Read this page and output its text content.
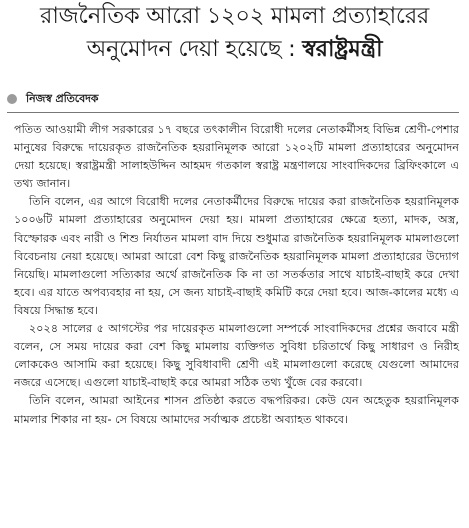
রাজনৈতিক আরো ১২০২ মামলা প্রত্যাহারের
অনুমোদন দেয়া হয়েছে : স্বরাষ্ট্রমন্ত্রী
নিজস্ব প্রতিবেদক

পতিত আওয়ামী লীগ সরকারের ১৭ বছরে তৎকালীন বিরোধী দলের নেতাকর্মীসহ বিভিন্ন শ্রেণী-পেশার মানুষের বিরুদ্ধে দায়েরকৃত রাজনৈতিক হয়রানিমূলক আরো ১২০২টি মামলা প্রত্যাহারের অনুমোদন দেয়া হয়েছে। স্বরাষ্ট্রমন্ত্রী সালাহউদ্দিন আহমদ গতকাল স্বরাষ্ট্র মন্ত্রণালয়ে সাংবাদিকদের ব্রিফিংকালে এ তথ্য জানান।

তিনি বলেন, এর আগে বিরোধী দলের নেতাকর্মীদের বিরুদ্ধে দায়ের করা রাজনৈতিক হয়রানিমূলক ১০০৬টি মামলা প্রত্যাহারের অনুমোদন দেয়া হয়। মামলা প্রত্যাহারের ক্ষেত্রে হত্যা, মাদক, অস্ত্র, বিস্ফোরক এবং নারী ও শিশু নির্যাতন মামলা বাদ দিয়ে শুধুমাত্র রাজনৈতিক হয়রানিমূলক মামলাগুলো বিবেচনায় নেয়া হয়েছে। আমরা আরো বেশ কিছু রাজনৈতিক হয়রানিমূলক মামলা প্রত্যাহারের উদ্যোগ নিয়েছি। মামলাগুলো সত্যিকার অর্থে রাজনৈতিক কি না তা সতর্কতার সাথে যাচাই-বাছাই করে দেখা হবে। এর যাতে অপব্যবহার না হয়, সে জন্য যাচাই-বাছাই কমিটি করে দেয়া হবে। আজ-কালের মধ্যে এ বিষয়ে সিদ্ধান্ত হবে।

২০২৪ সালের ৫ আগস্টের পর দায়েরকৃত মামলাগুলো সম্পর্কে সাংবাদিকদের প্রশ্নের জবাবে মন্ত্রী বলেন, সে সময় দায়ের করা বেশ কিছু মামলায় ব্যক্তিগত সুবিধা চরিতার্থে কিছু সাধারণ ও নিরীহ লোককেও আসামি করা হয়েছে। কিছু সুবিধাবাদী শ্রেণী এই মামলাগুলো করেছে যেগুলো আমাদের নজরে এসেছে। এগুলো যাচাই-বাছাই করে আমরা সঠিক তথ্য খুঁজে বের করবো।

তিনি বলেন, আমরা আইনের শাসন প্রতিষ্ঠা করতে বদ্ধপরিকর। কেউ যেন অহেতুক হয়রানিমূলক মামলার শিকার না হয়- সে বিষয়ে আমাদের সর্বাত্মক প্রচেষ্টা অব্যাহত থাকবে।
